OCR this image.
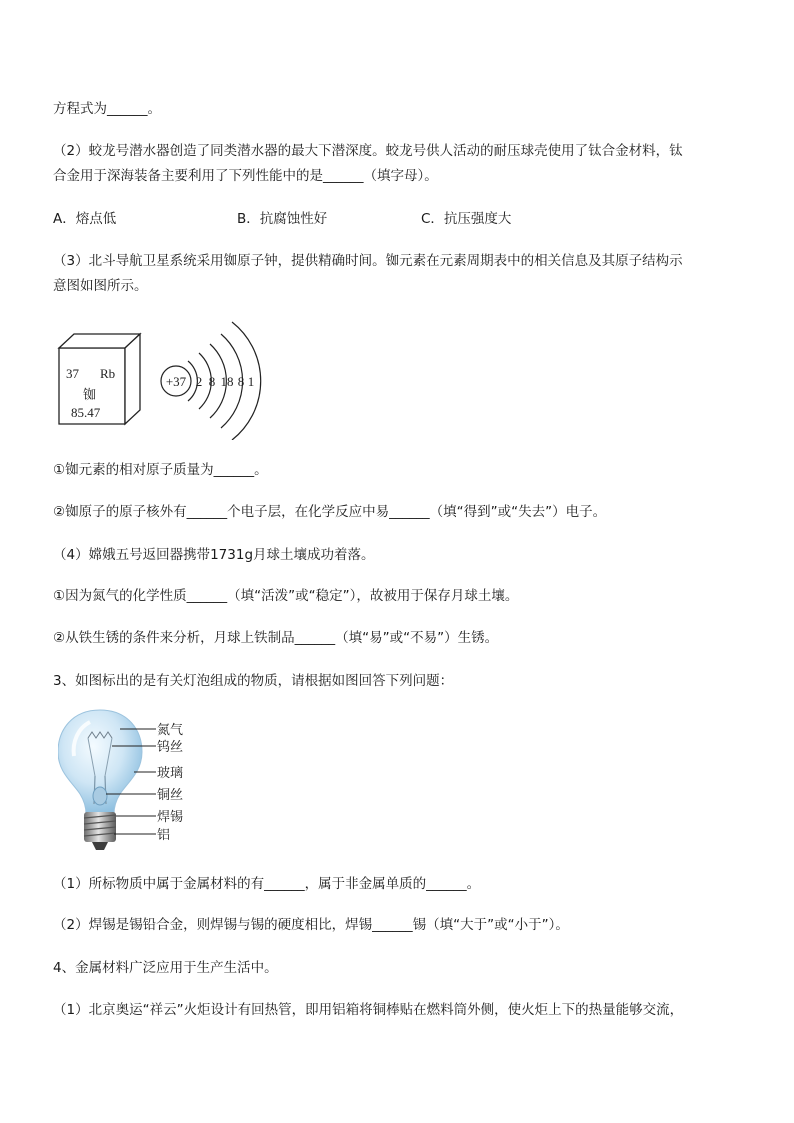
方程式为______。
（2）蛟龙号潜水器创造了同类潜水器的最大下潜深度。蛟龙号供人活动的耐压球壳使用了钛合金材料，钛
合金用于深海装备主要利用了下列性能中的是______（填字母）。
A．熔点低	B．抗腐蚀性好	C．抗压强度大
（3）北斗导航卫星系统采用铷原子钟，提供精确时间。铷元素在元素周期表中的相关信息及其原子结构示
意图如图所示。
37 Rb
铷
85.47
+37 2 8 18 8 1
①铷元素的相对原子质量为______。
②铷原子的原子核外有______个电子层，在化学反应中易______（填“得到”或“失去”）电子。
（4）嫦娥五号返回器携带1731g月球土壤成功着落。
①因为氮气的化学性质______（填“活泼”或“稳定”），故被用于保存月球土壤。
②从铁生锈的条件来分析，月球上铁制品______（填“易”或“不易”）生锈。
3、如图标出的是有关灯泡组成的物质，请根据如图回答下列问题：
氮气
钨丝
玻璃
铜丝
焊锡
铝
（1）所标物质中属于金属材料的有______，属于非金属单质的______。
（2）焊锡是锡铅合金，则焊锡与锡的硬度相比，焊锡______锡（填“大于”或“小于”）。
4、金属材料广泛应用于生产生活中。
（1）北京奥运“祥云”火炬设计有回热管，即用铝箱将铜棒贴在燃料筒外侧，使火炬上下的热量能够交流，
